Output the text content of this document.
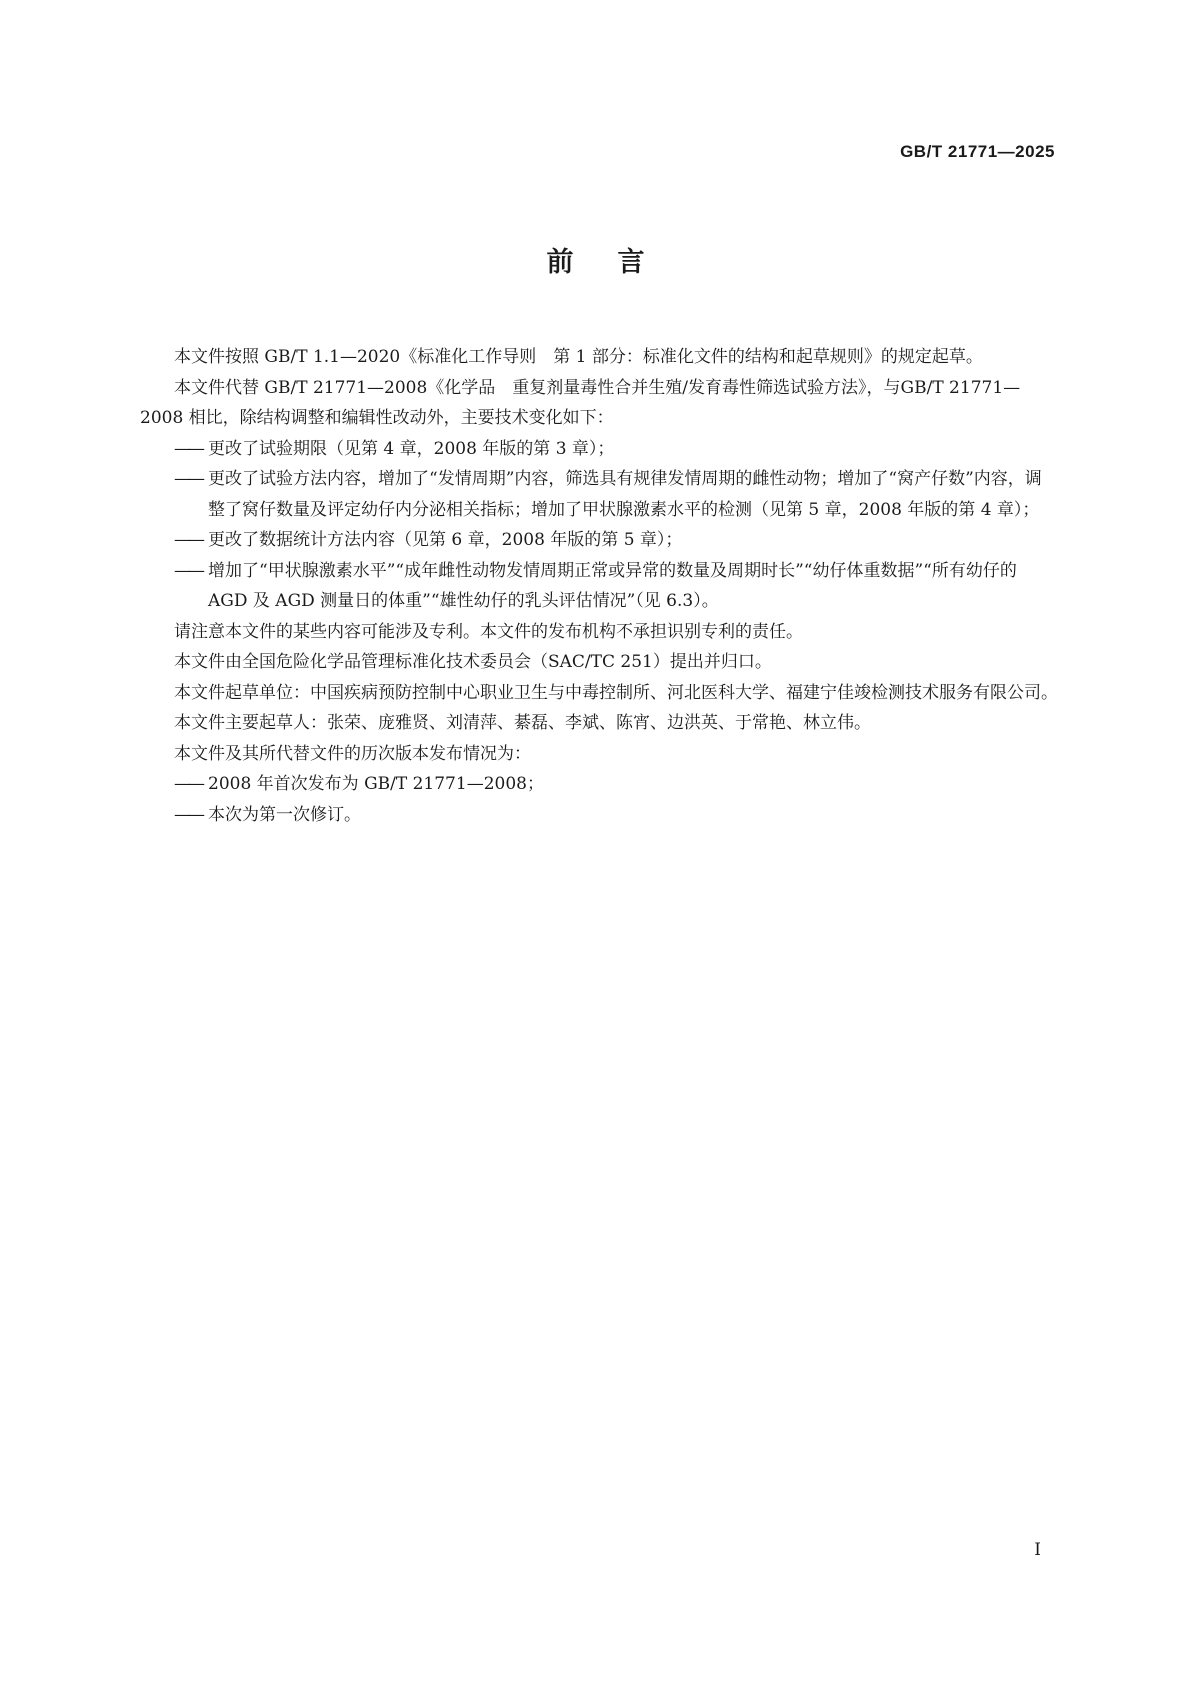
GB/T 21771—2025
前言

本文件按照 GB/T 1.1—2020《标准化工作导则　第 1 部分：标准化文件的结构和起草规则》的规定起草。

本文件代替 GB/T 21771—2008《化学品　重复剂量毒性合并生殖/发育毒性筛选试验方法》，与GB/T 21771—2008 相比，除结构调整和编辑性改动外，主要技术变化如下：

—— 更改了试验期限（见第 4 章，2008 年版的第 3 章）；

—— 更改了试验方法内容，增加了“发情周期”内容，筛选具有规律发情周期的雌性动物；增加了“窝产仔数”内容，调整了窝仔数量及评定幼仔内分泌相关指标；增加了甲状腺激素水平的检测（见第 5 章，2008 年版的第 4 章）；

—— 更改了数据统计方法内容（见第 6 章，2008 年版的第 5 章）；

—— 增加了“甲状腺激素水平”“成年雌性动物发情周期正常或异常的数量及周期时长”“幼仔体重数据”“所有幼仔的 AGD 及 AGD 测量日的体重”“雄性幼仔的乳头评估情况”（见 6.3）。

请注意本文件的某些内容可能涉及专利。本文件的发布机构不承担识别专利的责任。

本文件由全国危险化学品管理标准化技术委员会（SAC/TC 251）提出并归口。

本文件起草单位：中国疾病预防控制中心职业卫生与中毒控制所、河北医科大学、福建宁佳竣检测技术服务有限公司。

本文件主要起草人：张荣、庞雅贤、刘清萍、綦磊、李斌、陈宵、边洪英、于常艳、林立伟。

本文件及其所代替文件的历次版本发布情况为：

—— 2008 年首次发布为 GB/T 21771—2008；

—— 本次为第一次修订。

I
